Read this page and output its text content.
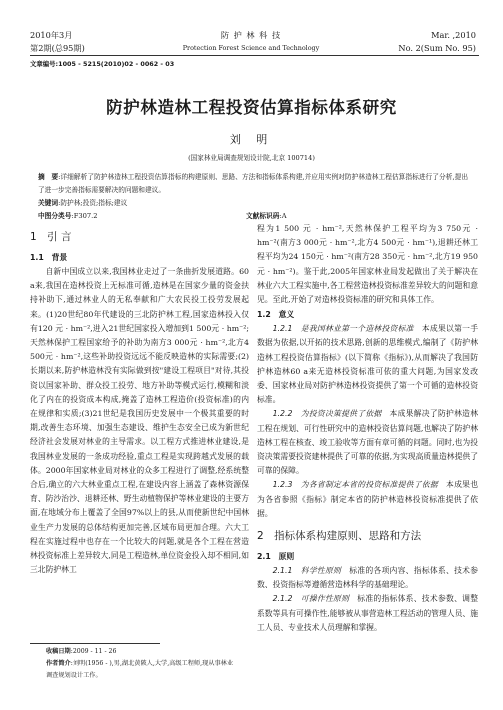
2010年3月
第2期(总95期)
防 护 林 科 技
Protection Forest Science and Technology
Mar. ,2010
No. 2(Sum No. 95)
文章编号:1005 - 5215(2010)02 - 0062 - 03
防护林造林工程投资估算指标体系研究
刘 明
(国家林业局调查规划设计院,北京 100714)
摘　要:详细解析了防护林造林工程投资估算指标的构建原则、思路、方法和指标体系构建,并应用实例对防护林造林工程估算指标进行了分析,提出了进一步完善指标需要解决的问题和建议。
关键词:防护林;投资;指标;建议
中图分类号:F307.2	文献标识码:A
1　引 言
1.1　背景

自新中国成立以来,我国林业走过了一条曲折发展道路。60 a来,我国在造林投资上无标准可循,造林是在国家少量的资金扶持补助下,通过林业人的无私奉献和广大农民投工投劳发展起来。(1)20世纪80年代建设的三北防护林工程,国家造林投入仅有120 元 · hm⁻²,进入21世纪国家投入增加到1 500元 · hm⁻²;天然林保护工程国家给予的补助为南方3 000元 · hm⁻²,北方4 500元 · hm⁻²,这些补助投资远远不能反映造林的实际需要;(2)长期以来,防护林造林没有实际做到按"建设工程项目"对待,其投资以国家补助、群众投工投劳、地方补助等模式运行,模糊和淡化了内在的投资成本构成,掩盖了造林工程造价(投资标准)的内在规律和实质;(3)21世纪是我国历史发展中一个极其重要的时期,改善生态环境、加强生态建设、维护生态安全已成为新世纪经济社会发展对林业的主导需求。以工程方式推进林业建设,是我国林业发展的一条成功经验,重点工程是实现跨越式发展的载体。2000年国家林业局对林业的众多工程进行了调整,经系统整合后,确立的六大林业重点工程,在建设内容上涵盖了森林资源保育、防沙治沙、退耕还林、野生动植物保护等林业建设的主要方面,在地域分布上覆盖了全国97%以上的县,从而使新世纪中国林业生产力发展的总体结构更加完善,区域布局更加合理。六大工程在实施过程中也存在一个比较大的问题,就是各个工程在营造林投资标准上差异较大,同是工程造林,单位资金投入却不相同,如三北防护林工

程为1 500 元 · hm⁻²,天然林保护工程平均为3 750元 · hm⁻²(南方3 000元 · hm⁻²,北方4 500元 · hm⁻¹),退耕还林工程平均为24 150元 · hm⁻²(南方28 350元 · hm⁻²,北方19 950元 · hm⁻²)。鉴于此,2005年国家林业局发起做出了关于解决在林业六大工程实施中,各工程营造林投资标准差异较大的问题和意见。至此,开始了对造林投资标准的研究和具体工作。

1.2　意义

1.2.1　是我国林业第一个造林投资标准　 本成果以第一手数据为依据,以开拓的技术思路,创新的思维模式,编制了《防护林造林工程投资估算指标》(以下简称《指标》),从而解决了我国防护林造林60 a来无造林投资标准可依的重大问题,为国家发改委、国家林业局对防护林造林投资提供了第一个可循的造林投资标准。

1.2.2　为投资决策提供了依据　 本成果解决了防护林造林工程在规划、可行性研究中的造林投资估算问题,也解决了防护林造林工程在核查、竣工验收等方面有章可循的问题。同时,也为投资决策需要投资建林提供了可靠的依据,为实现高质量造林提供了可靠的保障。

1.2.3　为各省制定本省的投资标准提供了依据　 本成果也为各省参照《指标》制定本省的防护林造林投资标准提供了依据。

2　指标体系构建原则、思路和方法
2.1　原则

2.1.1　科学性原则　 标准的各项内容、指标体系、技术参数、投资指标等遵循营造林科学的基础理论。

2.1.2　可操作性原则　 标准的指标体系、技术参数、调整系数等具有可操作性,能够被从事营造林工程活动的管理人员、施工人员、专业技术人员理解和掌握。

收稿日期:2009 - 11 - 26
作者简介:刘明(1956 - ),男,湖北黄陂人,大学,高级工程师,现从事林业调查规划设计工作。
